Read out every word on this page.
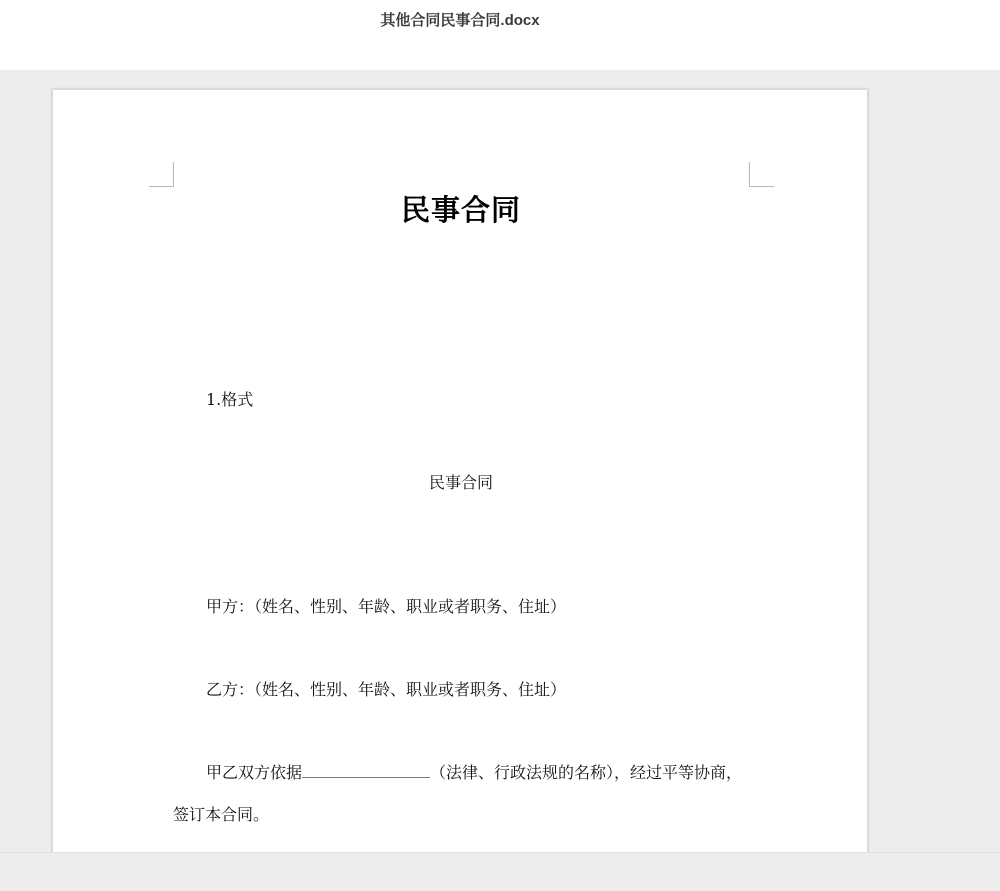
其他合同民事合同.docx
民事合同
1.格式
民事合同
甲方：（姓名、性别、年龄、职业或者职务、住址）
乙方：（姓名、性别、年龄、职业或者职务、住址）
甲乙双方依据	（法律、行政法规的名称），经过平等协商，
签订本合同。
